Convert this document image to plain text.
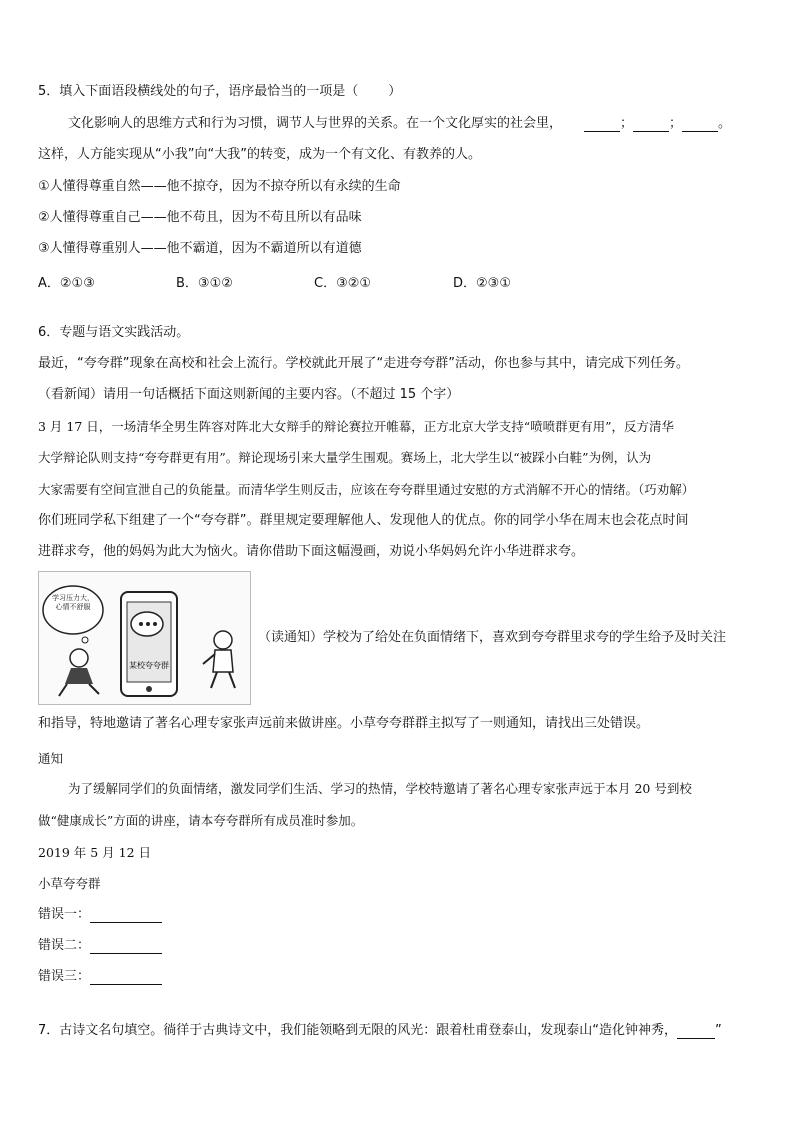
5．填入下面语段横线处的句子，语序最恰当的一项是（ ）
文化影响人的思维方式和行为习惯，调节人与世界的关系。在一个文化厚实的社会里，	；	；	。
这样，人方能实现从“小我”向“大我”的转变，成为一个有文化、有教养的人。
①人懂得尊重自然——他不掠夺，因为不掠夺所以有永续的生命
②人懂得尊重自己——他不苟且，因为不苟且所以有品味
③人懂得尊重别人——他不霸道，因为不霸道所以有道德
A．②①③	B．③①②	C．③②①	D．②③①
6．专题与语文实践活动。
最近，“夸夸群”现象在高校和社会上流行。学校就此开展了“走进夸夸群”活动，你也参与其中，请完成下列任务。
（看新闻）请用一句话概括下面这则新闻的主要内容。（不超过 15 个字）
3 月 17 日，一场清华全男生阵容对阵北大女辩手的辩论赛拉开帷幕，正方北京大学支持“喷喷群更有用”，反方清华
大学辩论队则支持“夸夸群更有用”。辩论现场引来大量学生围观。赛场上，北大学生以“被踩小白鞋”为例，认为
大家需要有空间宣泄自己的负能量。而清华学生则反击，应该在夸夸群里通过安慰的方式消解不开心的情绪。（巧劝解）
你们班同学私下组建了一个“夸夸群”。群里规定要理解他人、发现他人的优点。你的同学小华在周末也会花点时间
进群求夸，他的妈妈为此大为恼火。请你借助下面这幅漫画，劝说小华妈妈允许小华进群求夸。
某校夸夸群
学习压力大，心情不舒服
（读通知）学校为了给处在负面情绪下，喜欢到夸夸群里求夸的学生给予及时关注
和指导，特地邀请了著名心理专家张声远前来做讲座。小草夸夸群群主拟写了一则通知，请找出三处错误。
通知
为了缓解同学们的负面情绪，激发同学们生活、学习的热情，学校特邀请了著名心理专家张声远于本月 20 号到校
做“健康成长”方面的讲座，请本夸夸群所有成员准时参加。
2019 年 5 月 12 日
小草夸夸群
错误一：
错误二：
错误三：
7．古诗文名句填空。徜徉于古典诗文中，我们能领略到无限的风光：跟着杜甫登泰山，发现泰山“造化钟神秀，	”
